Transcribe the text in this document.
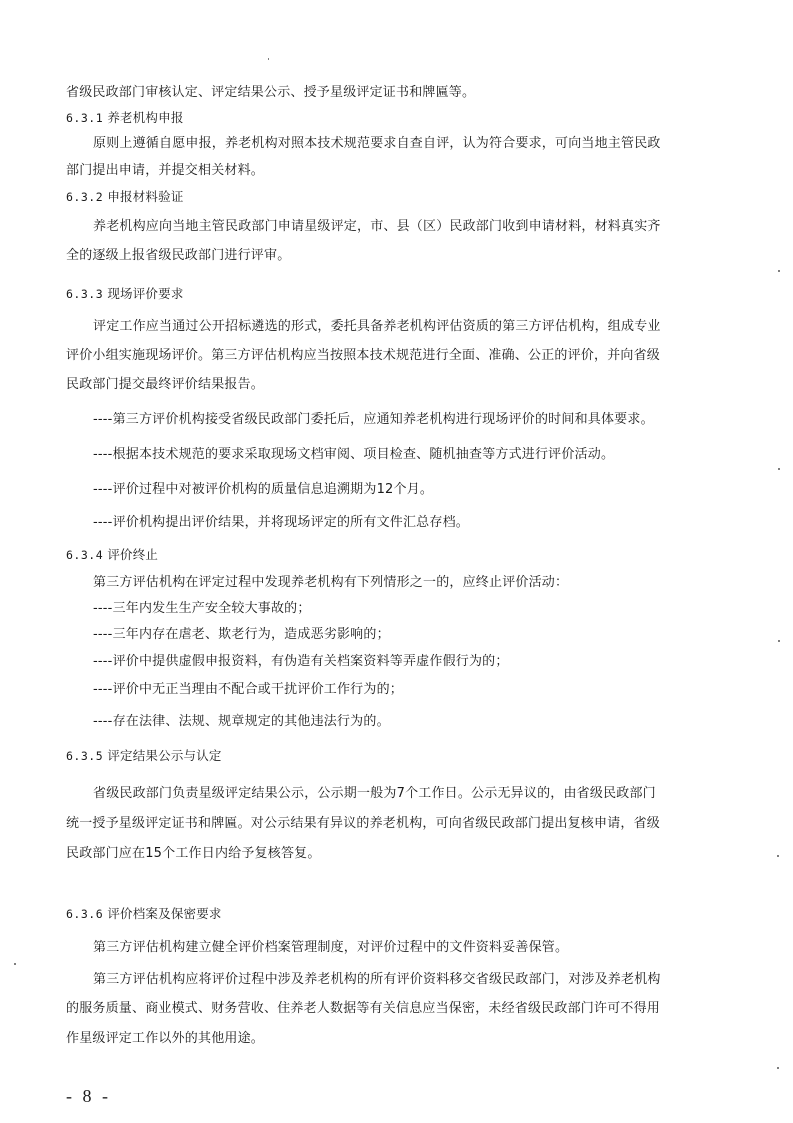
省级民政部门审核认定、评定结果公示、授予星级评定证书和牌匾等。
6.3.1 养老机构申报
原则上遵循自愿申报，养老机构对照本技术规范要求自查自评，认为符合要求，可向当地主管民政
部门提出申请，并提交相关材料。
6.3.2 申报材料验证
养老机构应向当地主管民政部门申请星级评定，市、县（区）民政部门收到申请材料，材料真实齐
全的逐级上报省级民政部门进行评审。
6.3.3 现场评价要求
评定工作应当通过公开招标遴选的形式，委托具备养老机构评估资质的第三方评估机构，组成专业
评价小组实施现场评价。第三方评估机构应当按照本技术规范进行全面、准确、公正的评价，并向省级
民政部门提交最终评价结果报告。
----第三方评价机构接受省级民政部门委托后，应通知养老机构进行现场评价的时间和具体要求。
----根据本技术规范的要求采取现场文档审阅、项目检查、随机抽查等方式进行评价活动。
----评价过程中对被评价机构的质量信息追溯期为12个月。
----评价机构提出评价结果，并将现场评定的所有文件汇总存档。
6.3.4 评价终止
第三方评估机构在评定过程中发现养老机构有下列情形之一的，应终止评价活动：
----三年内发生生产安全较大事故的；
----三年内存在虐老、欺老行为，造成恶劣影响的；
----评价中提供虚假申报资料，有伪造有关档案资料等弄虚作假行为的；
----评价中无正当理由不配合或干扰评价工作行为的；
----存在法律、法规、规章规定的其他违法行为的。
6.3.5 评定结果公示与认定
省级民政部门负责星级评定结果公示，公示期一般为7个工作日。公示无异议的，由省级民政部门
统一授予星级评定证书和牌匾。对公示结果有异议的养老机构，可向省级民政部门提出复核申请，省级
民政部门应在15个工作日内给予复核答复。
6.3.6 评价档案及保密要求
第三方评估机构建立健全评价档案管理制度，对评价过程中的文件资料妥善保管。
第三方评估机构应将评价过程中涉及养老机构的所有评价资料移交省级民政部门，对涉及养老机构
的服务质量、商业模式、财务营收、住养老人数据等有关信息应当保密，未经省级民政部门许可不得用
作星级评定工作以外的其他用途。
- 8 -
